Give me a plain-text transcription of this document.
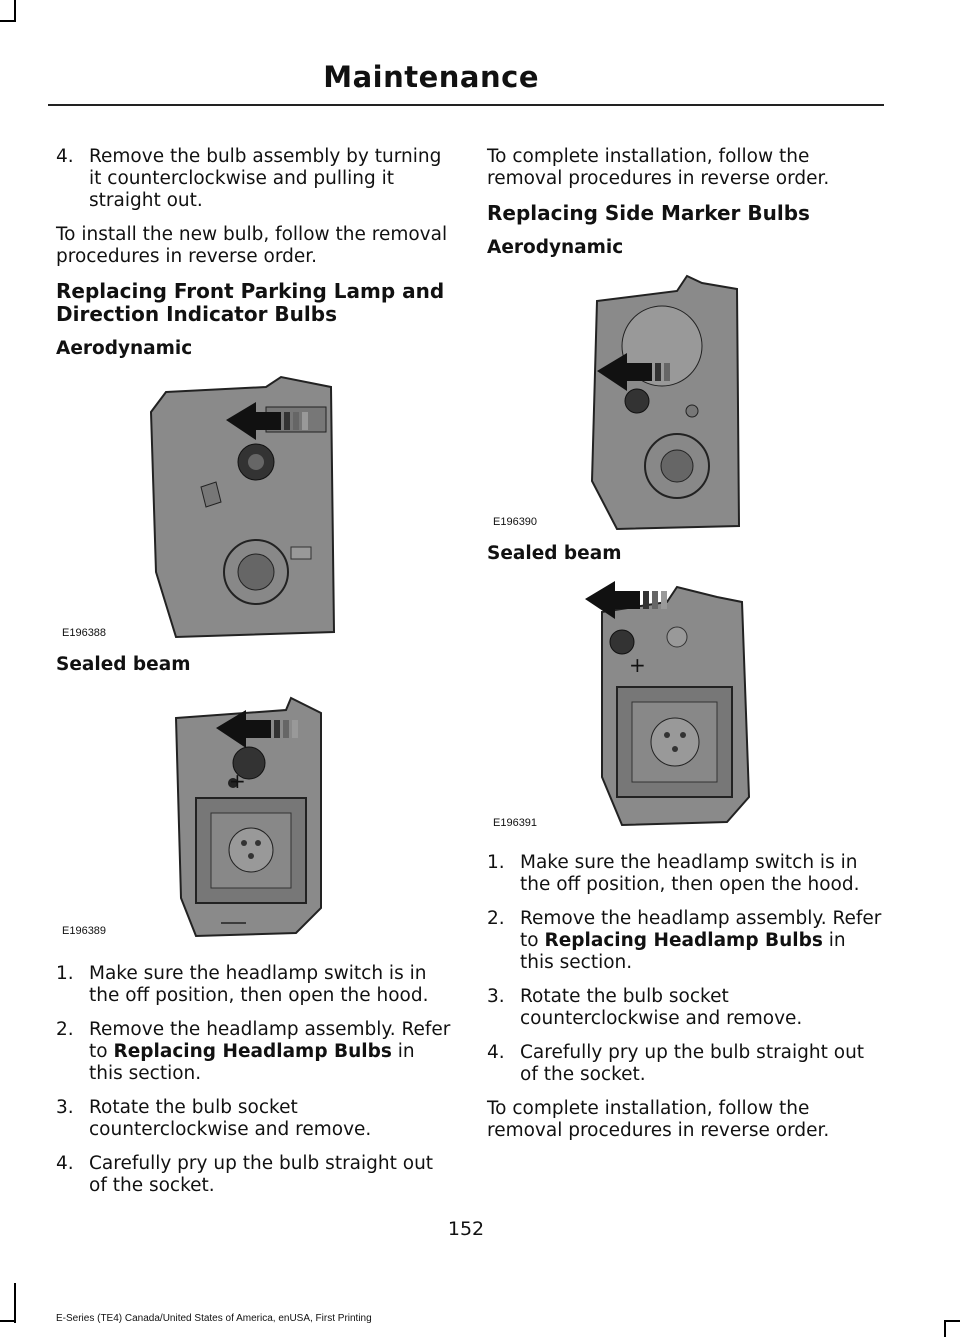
Maintenance
4. Remove the bulb assembly by turning it counterclockwise and pulling it straight out.

To install the new bulb, follow the removal procedures in reverse order.

Replacing Front Parking Lamp and Direction Indicator Bulbs
Aerodynamic
E196388
Sealed beam
+
E196389
1. Make sure the headlamp switch is in the off position, then open the hood.
2. Remove the headlamp assembly. Refer to Replacing Headlamp Bulbs in this section.
3. Rotate the bulb socket counterclockwise and remove.
4. Carefully pry up the bulb straight out of the socket.

To complete installation, follow the removal procedures in reverse order.

Replacing Side Marker Bulbs
Aerodynamic
E196390
Sealed beam
+
E196391
1. Make sure the headlamp switch is in the off position, then open the hood.
2. Remove the headlamp assembly. Refer to Replacing Headlamp Bulbs in this section.
3. Rotate the bulb socket counterclockwise and remove.
4. Carefully pry up the bulb straight out of the socket.

To complete installation, follow the removal procedures in reverse order.

152
E-Series (TE4) Canada/United States of America, enUSA, First Printing
